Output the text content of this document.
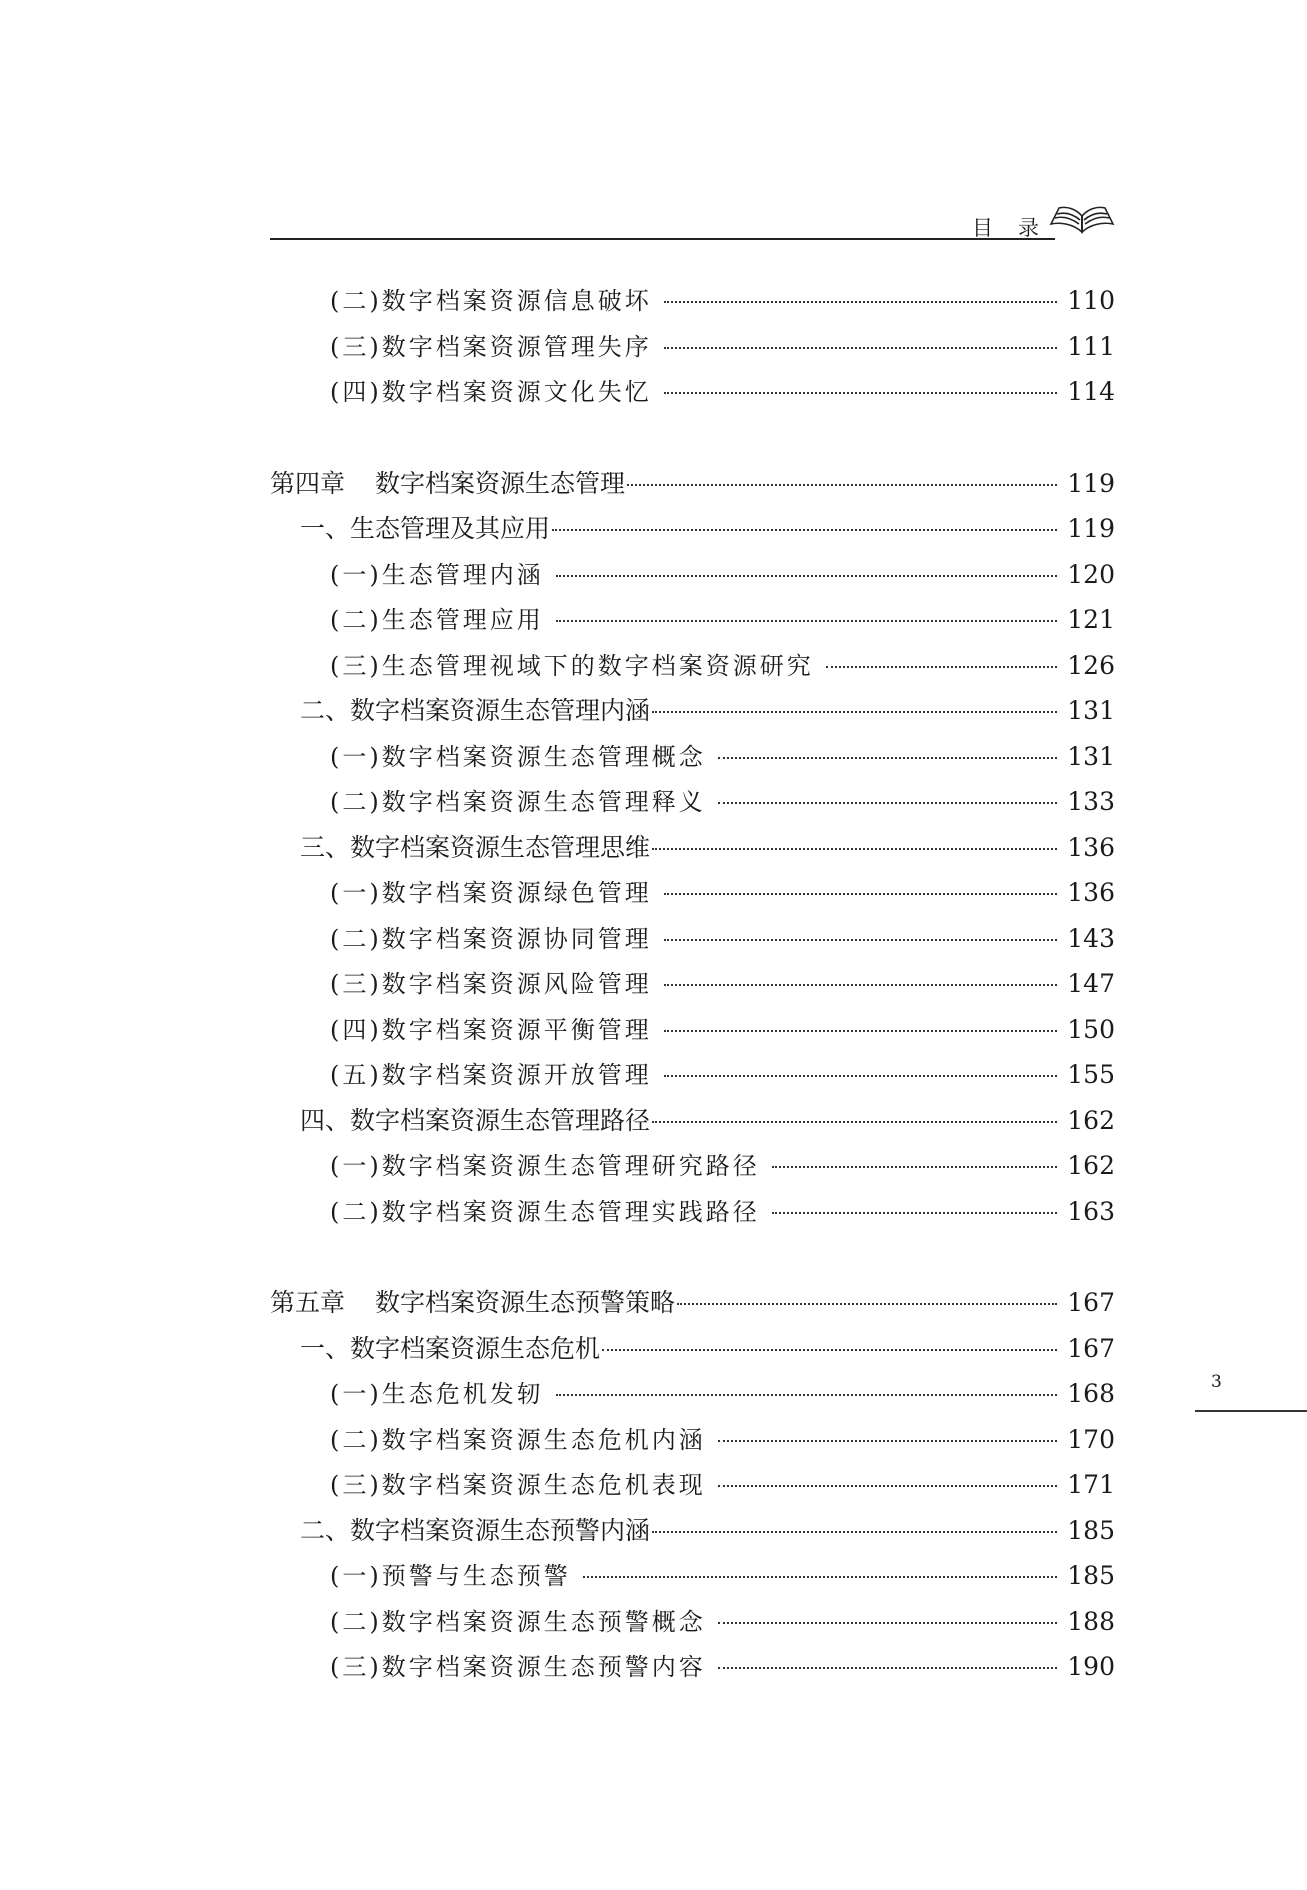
目　录
(二)数字档案资源信息破坏	110
(三)数字档案资源管理失序	111
(四)数字档案资源文化失忆	114
第四章 数字档案资源生态管理	119
一、生态管理及其应用	119
(一)生态管理内涵	120
(二)生态管理应用	121
(三)生态管理视域下的数字档案资源研究	126
二、数字档案资源生态管理内涵	131
(一)数字档案资源生态管理概念	131
(二)数字档案资源生态管理释义	133
三、数字档案资源生态管理思维	136
(一)数字档案资源绿色管理	136
(二)数字档案资源协同管理	143
(三)数字档案资源风险管理	147
(四)数字档案资源平衡管理	150
(五)数字档案资源开放管理	155
四、数字档案资源生态管理路径	162
(一)数字档案资源生态管理研究路径	162
(二)数字档案资源生态管理实践路径	163
第五章 数字档案资源生态预警策略	167
一、数字档案资源生态危机	167
(一)生态危机发轫	168
(二)数字档案资源生态危机内涵	170
(三)数字档案资源生态危机表现	171
二、数字档案资源生态预警内涵	185
(一)预警与生态预警	185
(二)数字档案资源生态预警概念	188
(三)数字档案资源生态预警内容	190
3
